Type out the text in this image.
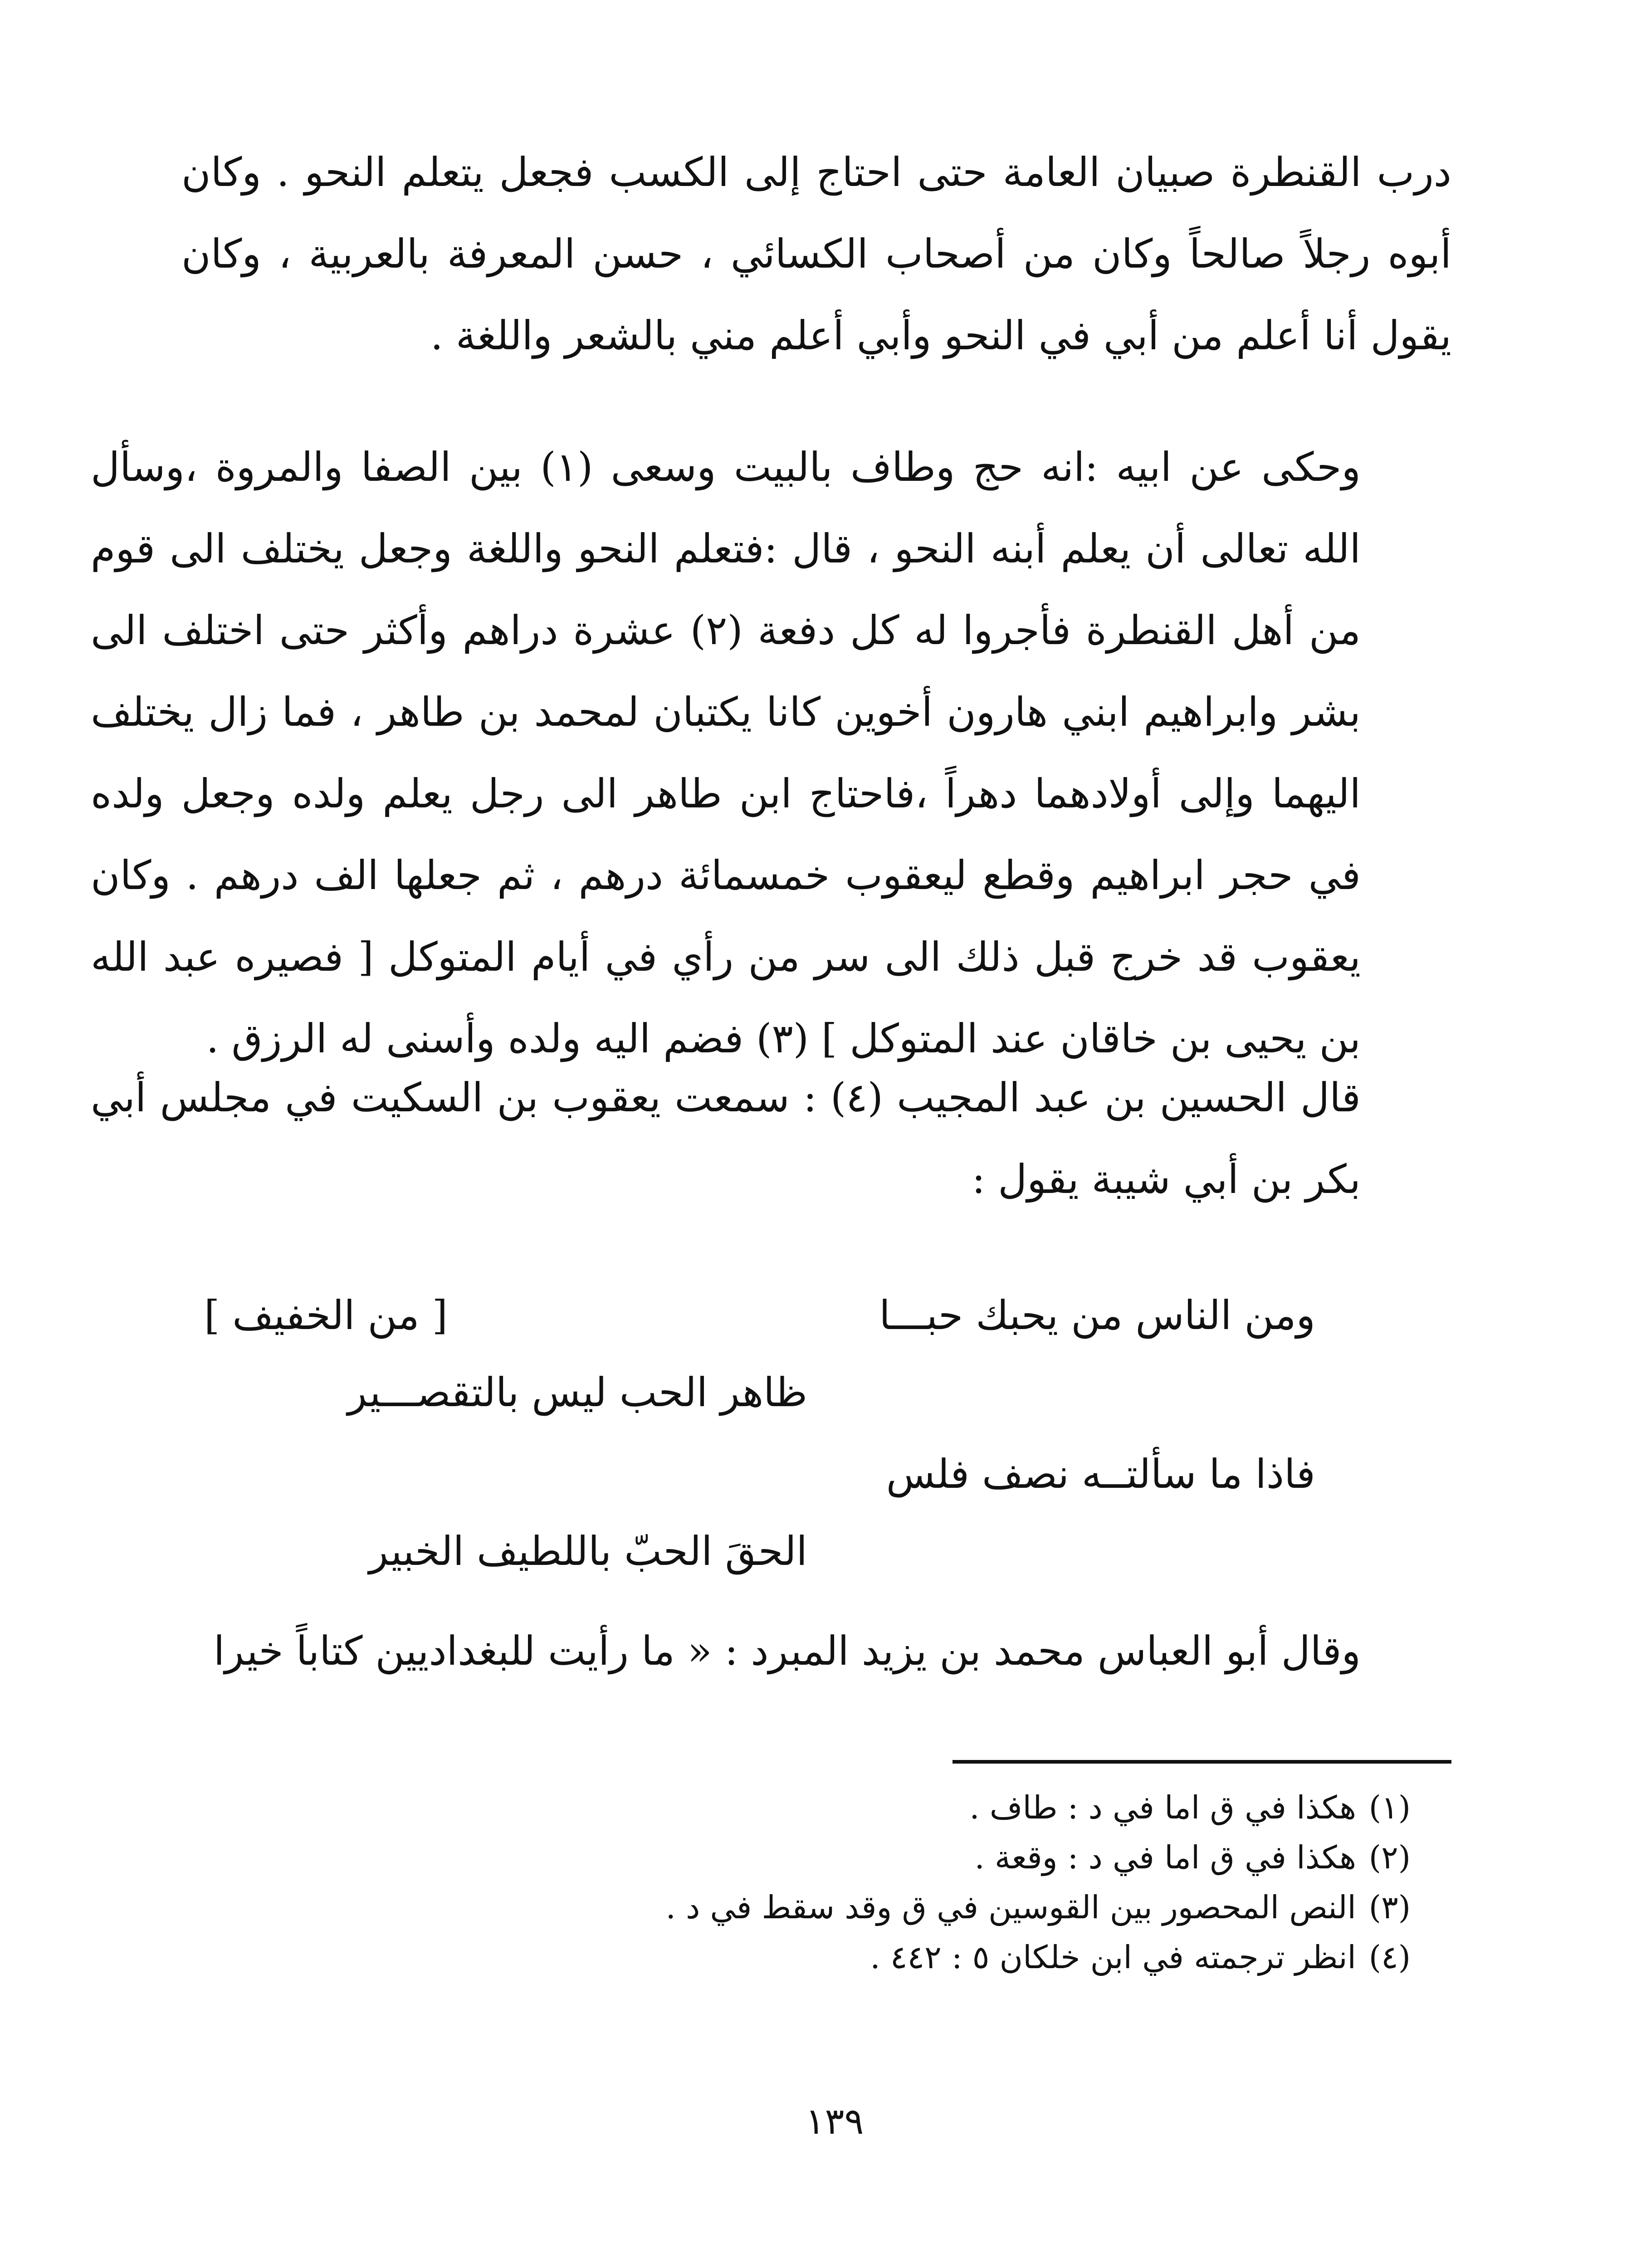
درب القنطرة صبيان العامة حتى احتاج إلى الكسب فجعل يتعلم النحو . وكان أبوه رجلاً صالحاً وكان من أصحاب الكسائي ، حسن المعرفة بالعربية ، وكان يقول أنا أعلم من أبي في النحو وأبي أعلم مني بالشعر واللغة .
وحكى عن ابيه :انه حج وطاف بالبيت وسعى (١) بين الصفا والمروة ،وسأل الله تعالى أن يعلم أبنه النحو ، قال :فتعلم النحو واللغة وجعل يختلف الى قوم من أهل القنطرة فأجروا له كل دفعة (٢) عشرة دراهم وأكثر حتى اختلف الى بشر وابراهيم ابني هارون أخوين كانا يكتبان لمحمد بن طاهر ، فما زال يختلف اليهما وإلى أولادهما دهراً ،فاحتاج ابن طاهر الى رجل يعلم ولده وجعل ولده في حجر ابراهيم وقطع ليعقوب خمسمائة درهم ، ثم جعلها الف درهم . وكان يعقوب قد خرج قبل ذلك الى سر من رأي في أيام المتوكل [ فصيره عبد الله بن يحيى بن خاقان عند المتوكل ] (٣) فضم اليه ولده وأسنى له الرزق .
قال الحسين بن عبد المجيب (٤) : سمعت يعقوب بن السكيت في مجلس أبي بكر بن أبي شيبة يقول :
[ من الخفيف ]	ومن الناس من يحبك حبـــا
ظاهر الحب ليس بالتقصـــير
فاذا ما سألتــه نصف فلس
الحقَ الحبّ باللطيف الخبير
وقال أبو العباس محمد بن يزيد المبرد : « ما رأيت للبغداديين كتاباً خيرا
(١)
هكذا في ق اما في د : طاف .
(٢)
هكذا في ق اما في د : وقعة .
(٣)
النص المحصور بين القوسين في ق وقد سقط في د .
(٤)
انظر ترجمته في ابن خلكان ٥ : ٤٤٢ .
١٣٩
